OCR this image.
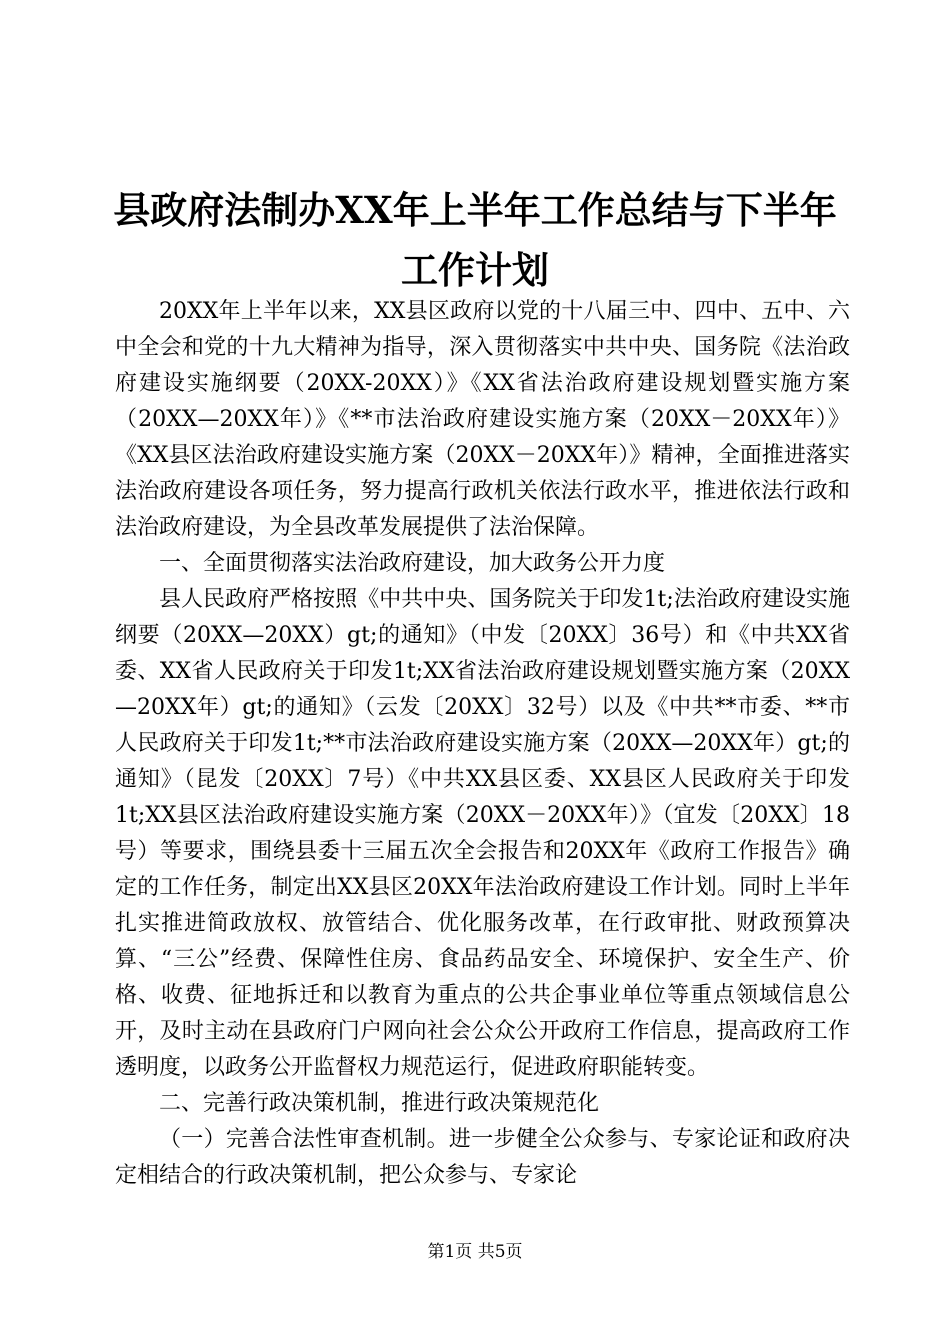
县政府法制办XX年上半年工作总结与下半年
工作计划

20XX年上半年以来，XX县区政府以党的十八届三中、四中、五中、六中全会和党的十九大精神为指导，深入贯彻落实中共中央、国务院《法治政府建设实施纲要（20XX-20XX）》《XX省法治政府建设规划暨实施方案（20XX—20XX年）》《**市法治政府建设实施方案（20XX－20XX年）》《XX县区法治政府建设实施方案（20XX－20XX年）》精神，全面推进落实法治政府建设各项任务，努力提高行政机关依法行政水平，推进依法行政和法治政府建设，为全县改革发展提供了法治保障。

一、全面贯彻落实法治政府建设，加大政务公开力度

县人民政府严格按照《中共中央、国务院关于印发1t;法治政府建设实施纲要（20XX—20XX）gt;的通知》（中发〔20XX〕36号）和《中共XX省委、XX省人民政府关于印发1t;XX省法治政府建设规划暨实施方案（20XX—20XX年）gt;的通知》（云发〔20XX〕32号）以及《中共**市委、**市人民政府关于印发1t;**市法治政府建设实施方案（20XX—20XX年）gt;的通知》（昆发〔20XX〕7号）《中共XX县区委、XX县区人民政府关于印发1t;XX县区法治政府建设实施方案（20XX－20XX年）》（宜发〔20XX〕18号）等要求，围绕县委十三届五次全会报告和20XX年《政府工作报告》确定的工作任务，制定出XX县区20XX年法治政府建设工作计划。同时上半年扎实推进简政放权、放管结合、优化服务改革，在行政审批、财政预算决算、“三公”经费、保障性住房、食品药品安全、环境保护、安全生产、价格、收费、征地拆迁和以教育为重点的公共企事业单位等重点领域信息公开，及时主动在县政府门户网向社会公众公开政府工作信息，提高政府工作透明度，以政务公开监督权力规范运行，促进政府职能转变。

二、完善行政决策机制，推进行政决策规范化

（一）完善合法性审查机制。进一步健全公众参与、专家论证和政府决定相结合的行政决策机制，把公众参与、专家论

第1页 共5页
